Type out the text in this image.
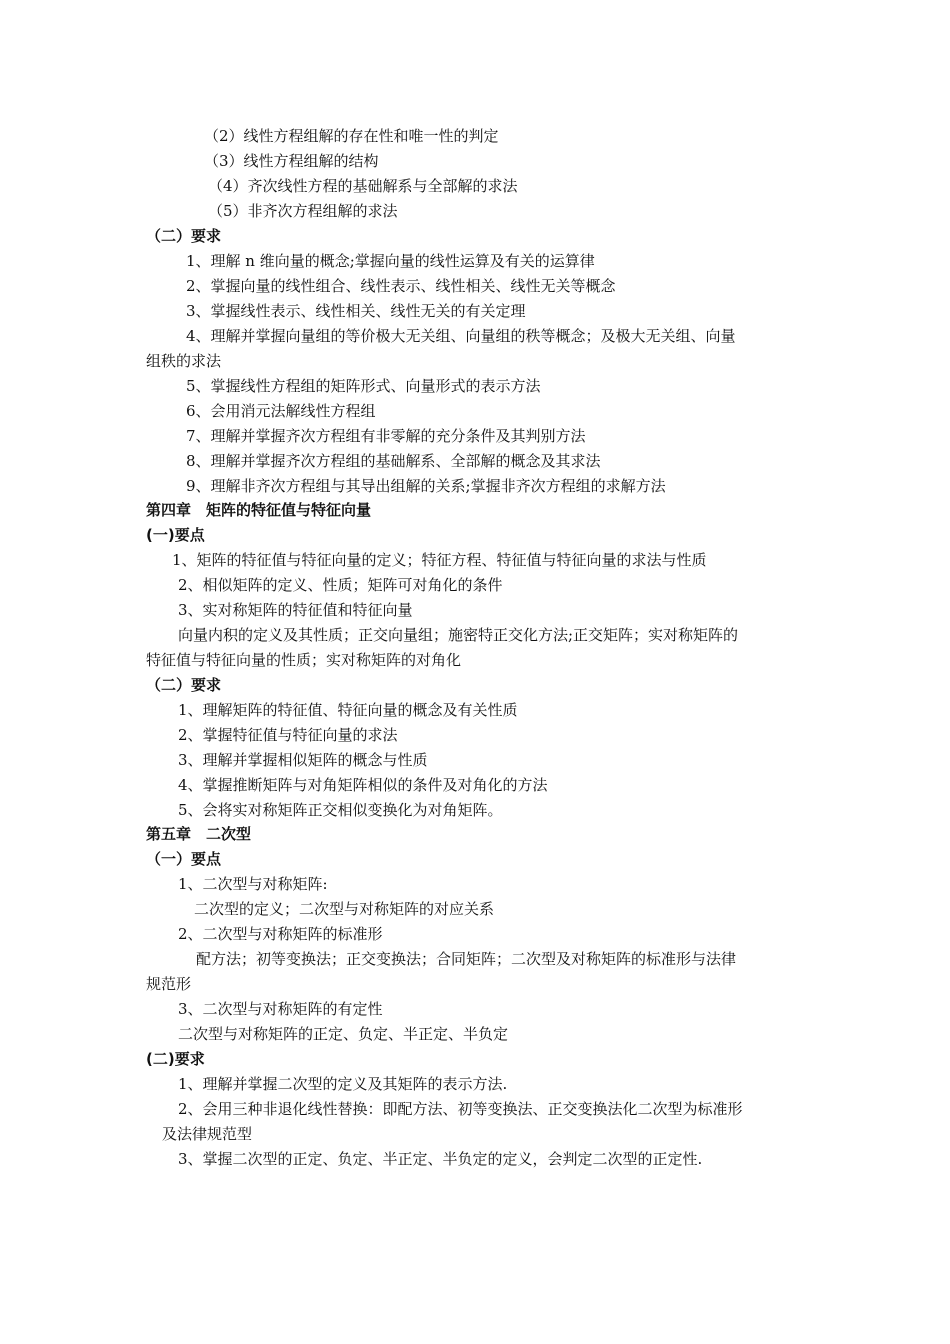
（2）线性方程组解的存在性和唯一性的判定
（3）线性方程组解的结构
（4）齐次线性方程的基础解系与全部解的求法
（5）非齐次方程组解的求法
（二）要求
1、理解 n 维向量的概念;掌握向量的线性运算及有关的运算律
2、掌握向量的线性组合、线性表示、线性相关、线性无关等概念
3、掌握线性表示、线性相关、线性无关的有关定理
4、理解并掌握向量组的等价极大无关组、向量组的秩等概念；及极大无关组、向量
组秩的求法
5、掌握线性方程组的矩阵形式、向量形式的表示方法
6、会用消元法解线性方程组
7、理解并掌握齐次方程组有非零解的充分条件及其判别方法
8、理解并掌握齐次方程组的基础解系、全部解的概念及其求法
9、理解非齐次方程组与其导出组解的关系;掌握非齐次方程组的求解方法
第四章　矩阵的特征值与特征向量
(一)要点
1、矩阵的特征值与特征向量的定义；特征方程、特征值与特征向量的求法与性质
2、相似矩阵的定义、性质；矩阵可对角化的条件
3、实对称矩阵的特征值和特征向量
向量内积的定义及其性质；正交向量组；施密特正交化方法;正交矩阵；实对称矩阵的
特征值与特征向量的性质；实对称矩阵的对角化
（二）要求
1、理解矩阵的特征值、特征向量的概念及有关性质
2、掌握特征值与特征向量的求法
3、理解并掌握相似矩阵的概念与性质
4、掌握推断矩阵与对角矩阵相似的条件及对角化的方法
5、会将实对称矩阵正交相似变换化为对角矩阵。
第五章　二次型
（一）要点
1、二次型与对称矩阵:
二次型的定义；二次型与对称矩阵的对应关系
2、二次型与对称矩阵的标准形
配方法；初等变换法；正交变换法；合同矩阵；二次型及对称矩阵的标准形与法律
规范形
3、二次型与对称矩阵的有定性
二次型与对称矩阵的正定、负定、半正定、半负定
(二)要求
1、理解并掌握二次型的定义及其矩阵的表示方法.
2、会用三种非退化线性替换：即配方法、初等变换法、正交变换法化二次型为标准形
及法律规范型
3、掌握二次型的正定、负定、半正定、半负定的定义，会判定二次型的正定性.
